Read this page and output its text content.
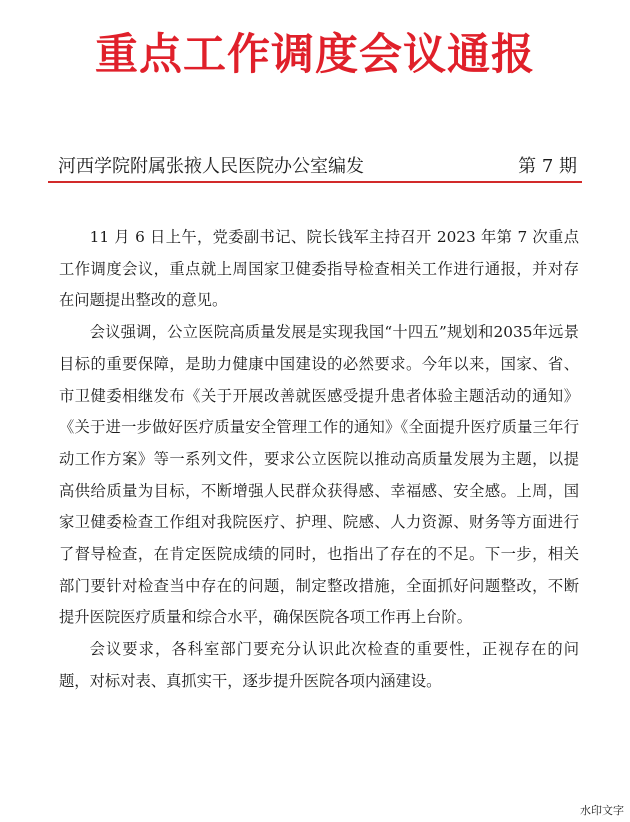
重点工作调度会议通报
河西学院附属张掖人民医院办公室编发	第 7 期

11 月 6 日上午，党委副书记、院长钱军主持召开 2023 年第 7 次重点工作调度会议，重点就上周国家卫健委指导检查相关工作进行通报，并对存在问题提出整改的意见。

会议强调，公立医院高质量发展是实现我国“十四五”规划和2035年远景目标的重要保障，是助力健康中国建设的必然要求。今年以来，国家、省、市卫健委相继发布《关于开展改善就医感受提升患者体验主题活动的通知》《关于进一步做好医疗质量安全管理工作的通知》《全面提升医疗质量三年行动工作方案》等一系列文件，要求公立医院以推动高质量发展为主题，以提高供给质量为目标，不断增强人民群众获得感、幸福感、安全感。上周，国家卫健委检查工作组对我院医疗、护理、院感、人力资源、财务等方面进行了督导检查，在肯定医院成绩的同时，也指出了存在的不足。下一步，相关部门要针对检查当中存在的问题，制定整改措施，全面抓好问题整改，不断提升医院医疗质量和综合水平，确保医院各项工作再上台阶。

会议要求，各科室部门要充分认识此次检查的重要性，正视存在的问题，对标对表、真抓实干，逐步提升医院各项内涵建设。

水印文字
